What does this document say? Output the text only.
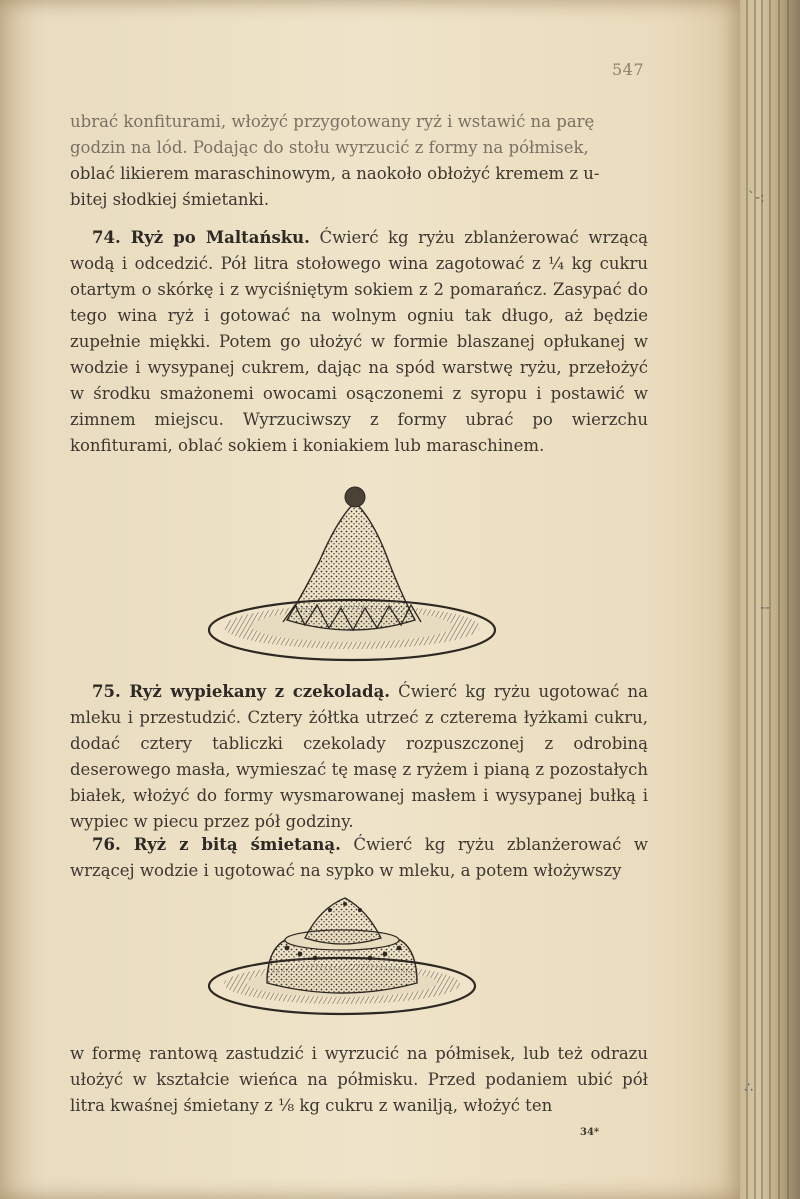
547

ubrać konfiturami, włożyć przygotowany ryż i wstawić na parę

godzin na lód. Podając do stołu wyrzucić z formy na półmisek,

oblać likierem maraschinowym, a naokoło obłożyć kremem z u-

bitej słodkiej śmietanki.

74. Ryż po Maltańsku. Ćwierć kg ryżu zblanżerować wrzącą wodą i odcedzić. Pół litra stołowego wina zagotować z ¼ kg cukru otartym o skórkę i z wyciśniętym sokiem z 2 pomarańcz. Zasypać do tego wina ryż i gotować na wolnym ogniu tak długo, aż będzie zupełnie miękki. Potem go ułożyć w formie blaszanej opłukanej w wodzie i wysypanej cukrem, dając na spód warstwę ryżu, przełożyć w środku smażonemi owocami osączonemi z syropu i postawić w zimnem miejscu. Wyrzuciwszy z formy ubrać po wierzchu konfiturami, oblać sokiem i koniakiem lub maraschinem.

75. Ryż wypiekany z czekoladą. Ćwierć kg ryżu ugotować na mleku i przestudzić. Cztery żółtka utrzeć z czterema łyżkami cukru, dodać cztery tabliczki czekolady rozpuszczonej z odrobiną deserowego masła, wymieszać tę masę z ryżem i pianą z pozostałych białek, włożyć do formy wysmarowanej masłem i wysypanej bułką i wypiec w piecu przez pół godziny.

76. Ryż z bitą śmietaną. Ćwierć kg ryżu zblanżerować w wrzącej wodzie i ugotować na sypko w mleku, a potem włożywszy

w formę rantową zastudzić i wyrzucić na półmisek, lub też odrazu ułożyć w kształcie wieńca na półmisku. Przed podaniem ubić pół litra kwaśnej śmietany z ⅛ kg cukru z wanilją, włożyć ten

34*
ˋ‑:
-‑
∴
